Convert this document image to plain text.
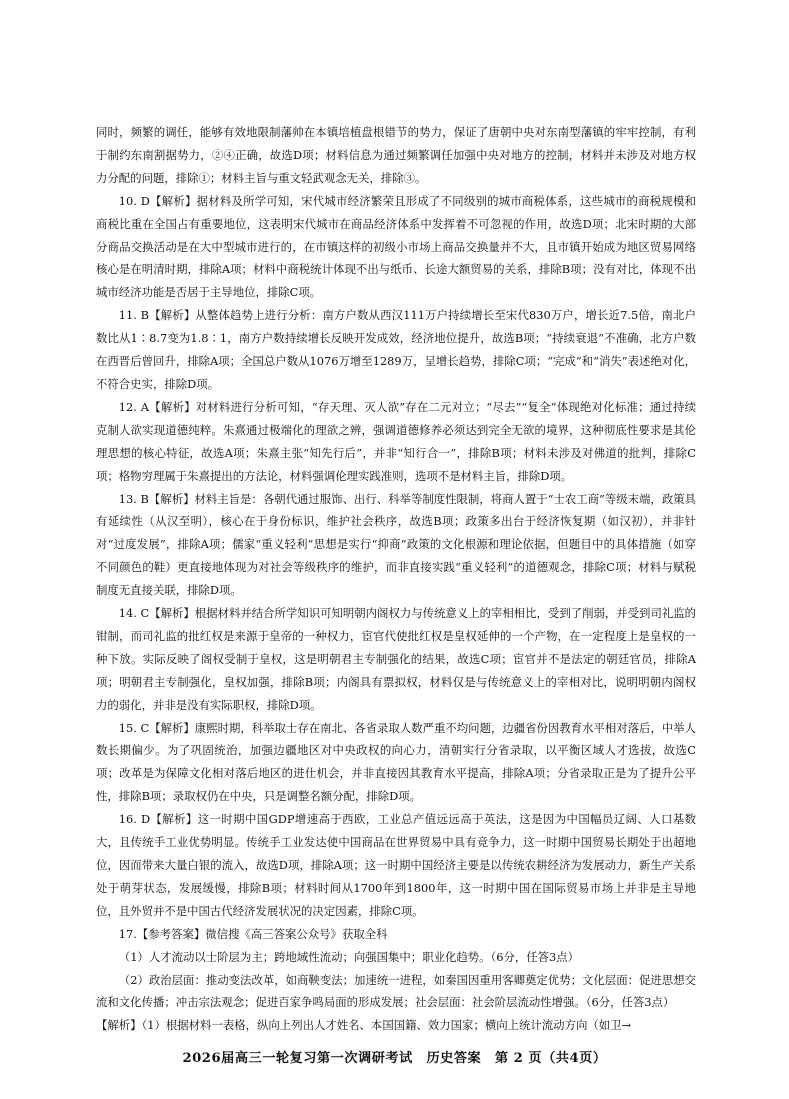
同时，频繁的调任，能够有效地限制藩帅在本镇培植盘根错节的势力，保证了唐朝中央对东南型藩镇的牢牢控制，有利于制约东南割据势力，②④正确，故选D项；材料信息为通过频繁调任加强中央对地方的控制，材料并未涉及对地方权力分配的问题，排除①；材料主旨与重文轻武观念无关，排除③。

10. D【解析】据材料及所学可知，宋代城市经济繁荣且形成了不同级别的城市商税体系，这些城市的商税规模和商税比重在全国占有重要地位，这表明宋代城市在商品经济体系中发挥着不可忽视的作用，故选D项；北宋时期的大部分商品交换活动是在大中型城市进行的，在市镇这样的初级小市场上商品交换量并不大，且市镇开始成为地区贸易网络核心是在明清时期，排除A项；材料中商税统计体现不出与纸币、长途大额贸易的关系，排除B项；没有对比，体现不出城市经济功能是否居于主导地位，排除C项。

11. B【解析】从整体趋势上进行分析：南方户数从西汉111万户持续增长至宋代830万户，增长近7.5倍，南北户数比从1∶8.7变为1.8∶1，南方户数持续增长反映开发成效，经济地位提升，故选B项；“持续衰退”不准确，北方户数在西晋后曾回升，排除A项；全国总户数从1076万增至1289万，呈增长趋势，排除C项；“完成”和“消失”表述绝对化，不符合史实，排除D项。

12. A【解析】对材料进行分析可知，“存天理、灭人欲”存在二元对立；“尽去”“复全”体现绝对化标准；通过持续克制人欲实现道德纯粹。朱熹通过极端化的理欲之辨，强调道德修养必须达到完全无欲的境界，这种彻底性要求是其伦理思想的核心特征，故选A项；朱熹主张“知先行后”，并非“知行合一”，排除B项；材料未涉及对佛道的批判，排除C项；格物穷理属于朱熹提出的方法论，材料强调伦理实践准则，选项不是材料主旨，排除D项。

13. B【解析】材料主旨是：各朝代通过服饰、出行、科举等制度性限制，将商人置于“士农工商”等级末端，政策具有延续性（从汉至明），核心在于身份标识，维护社会秩序，故选B项；政策多出台于经济恢复期（如汉初），并非针对“过度发展”，排除A项；儒家“重义轻利”思想是实行“抑商”政策的文化根源和理论依据，但题目中的具体措施（如穿不同颜色的鞋）更直接地体现为对社会等级秩序的维护，而非直接实践“重义轻利”的道德观念，排除C项；材料与赋税制度无直接关联，排除D项。

14. C【解析】根据材料并结合所学知识可知明朝内阁权力与传统意义上的宰相相比，受到了削弱，并受到司礼监的钳制，而司礼监的批红权是来源于皇帝的一种权力，宦官代使批红权是皇权延伸的一个产物，在一定程度上是皇权的一种下放。实际反映了阁权受制于皇权，这是明朝君主专制强化的结果，故选C项；宦官并不是法定的朝廷官员，排除A项；明朝君主专制强化，皇权加强，排除B项；内阁具有票拟权，材料仅是与传统意义上的宰相对比，说明明朝内阁权力的弱化，并非是没有实际职权，排除D项。

15. C【解析】康熙时期，科举取士存在南北、各省录取人数严重不均问题，边疆省份因教育水平相对落后，中举人数长期偏少。为了巩固统治，加强边疆地区对中央政权的向心力，清朝实行分省录取，以平衡区域人才选拔，故选C项；改革是为保障文化相对落后地区的进仕机会，并非直接因其教育水平提高，排除A项；分省录取正是为了提升公平性，排除B项；录取权仍在中央，只是调整名额分配，排除D项。

16. D【解析】这一时期中国GDP增速高于西欧，工业总产值远远高于英法，这是因为中国幅员辽阔、人口基数大，且传统手工业优势明显。传统手工业发达使中国商品在世界贸易中具有竞争力，这一时期中国贸易长期处于出超地位，因而带来大量白银的流入，故选D项，排除A项；这一时期中国经济主要是以传统农耕经济为发展动力，新生产关系处于萌芽状态，发展缓慢，排除B项；材料时间从1700年到1800年，这一时期中国在国际贸易市场上并非是主导地位，且外贸并不是中国古代经济发展状况的决定因素，排除C项。

17.【参考答案】微信搜《高三答案公众号》获取全科

（1）人才流动以士阶层为主；跨地域性流动；向强国集中；职业化趋势。（6分，任答3点）

（2）政治层面：推动变法改革，如商鞅变法；加速统一进程，如秦国因重用客卿奠定优势；文化层面：促进思想交流和文化传播；冲击宗法观念；促进百家争鸣局面的形成发展；社会层面：社会阶层流动性增强。（6分，任答3点）

【解析】（1）根据材料一表格，纵向上列出人才姓名、本国国籍、效力国家；横向上统计流动方向（如卫→

2026届高三一轮复习第一次调研考试　历史答案　第 2 页（共4页）
